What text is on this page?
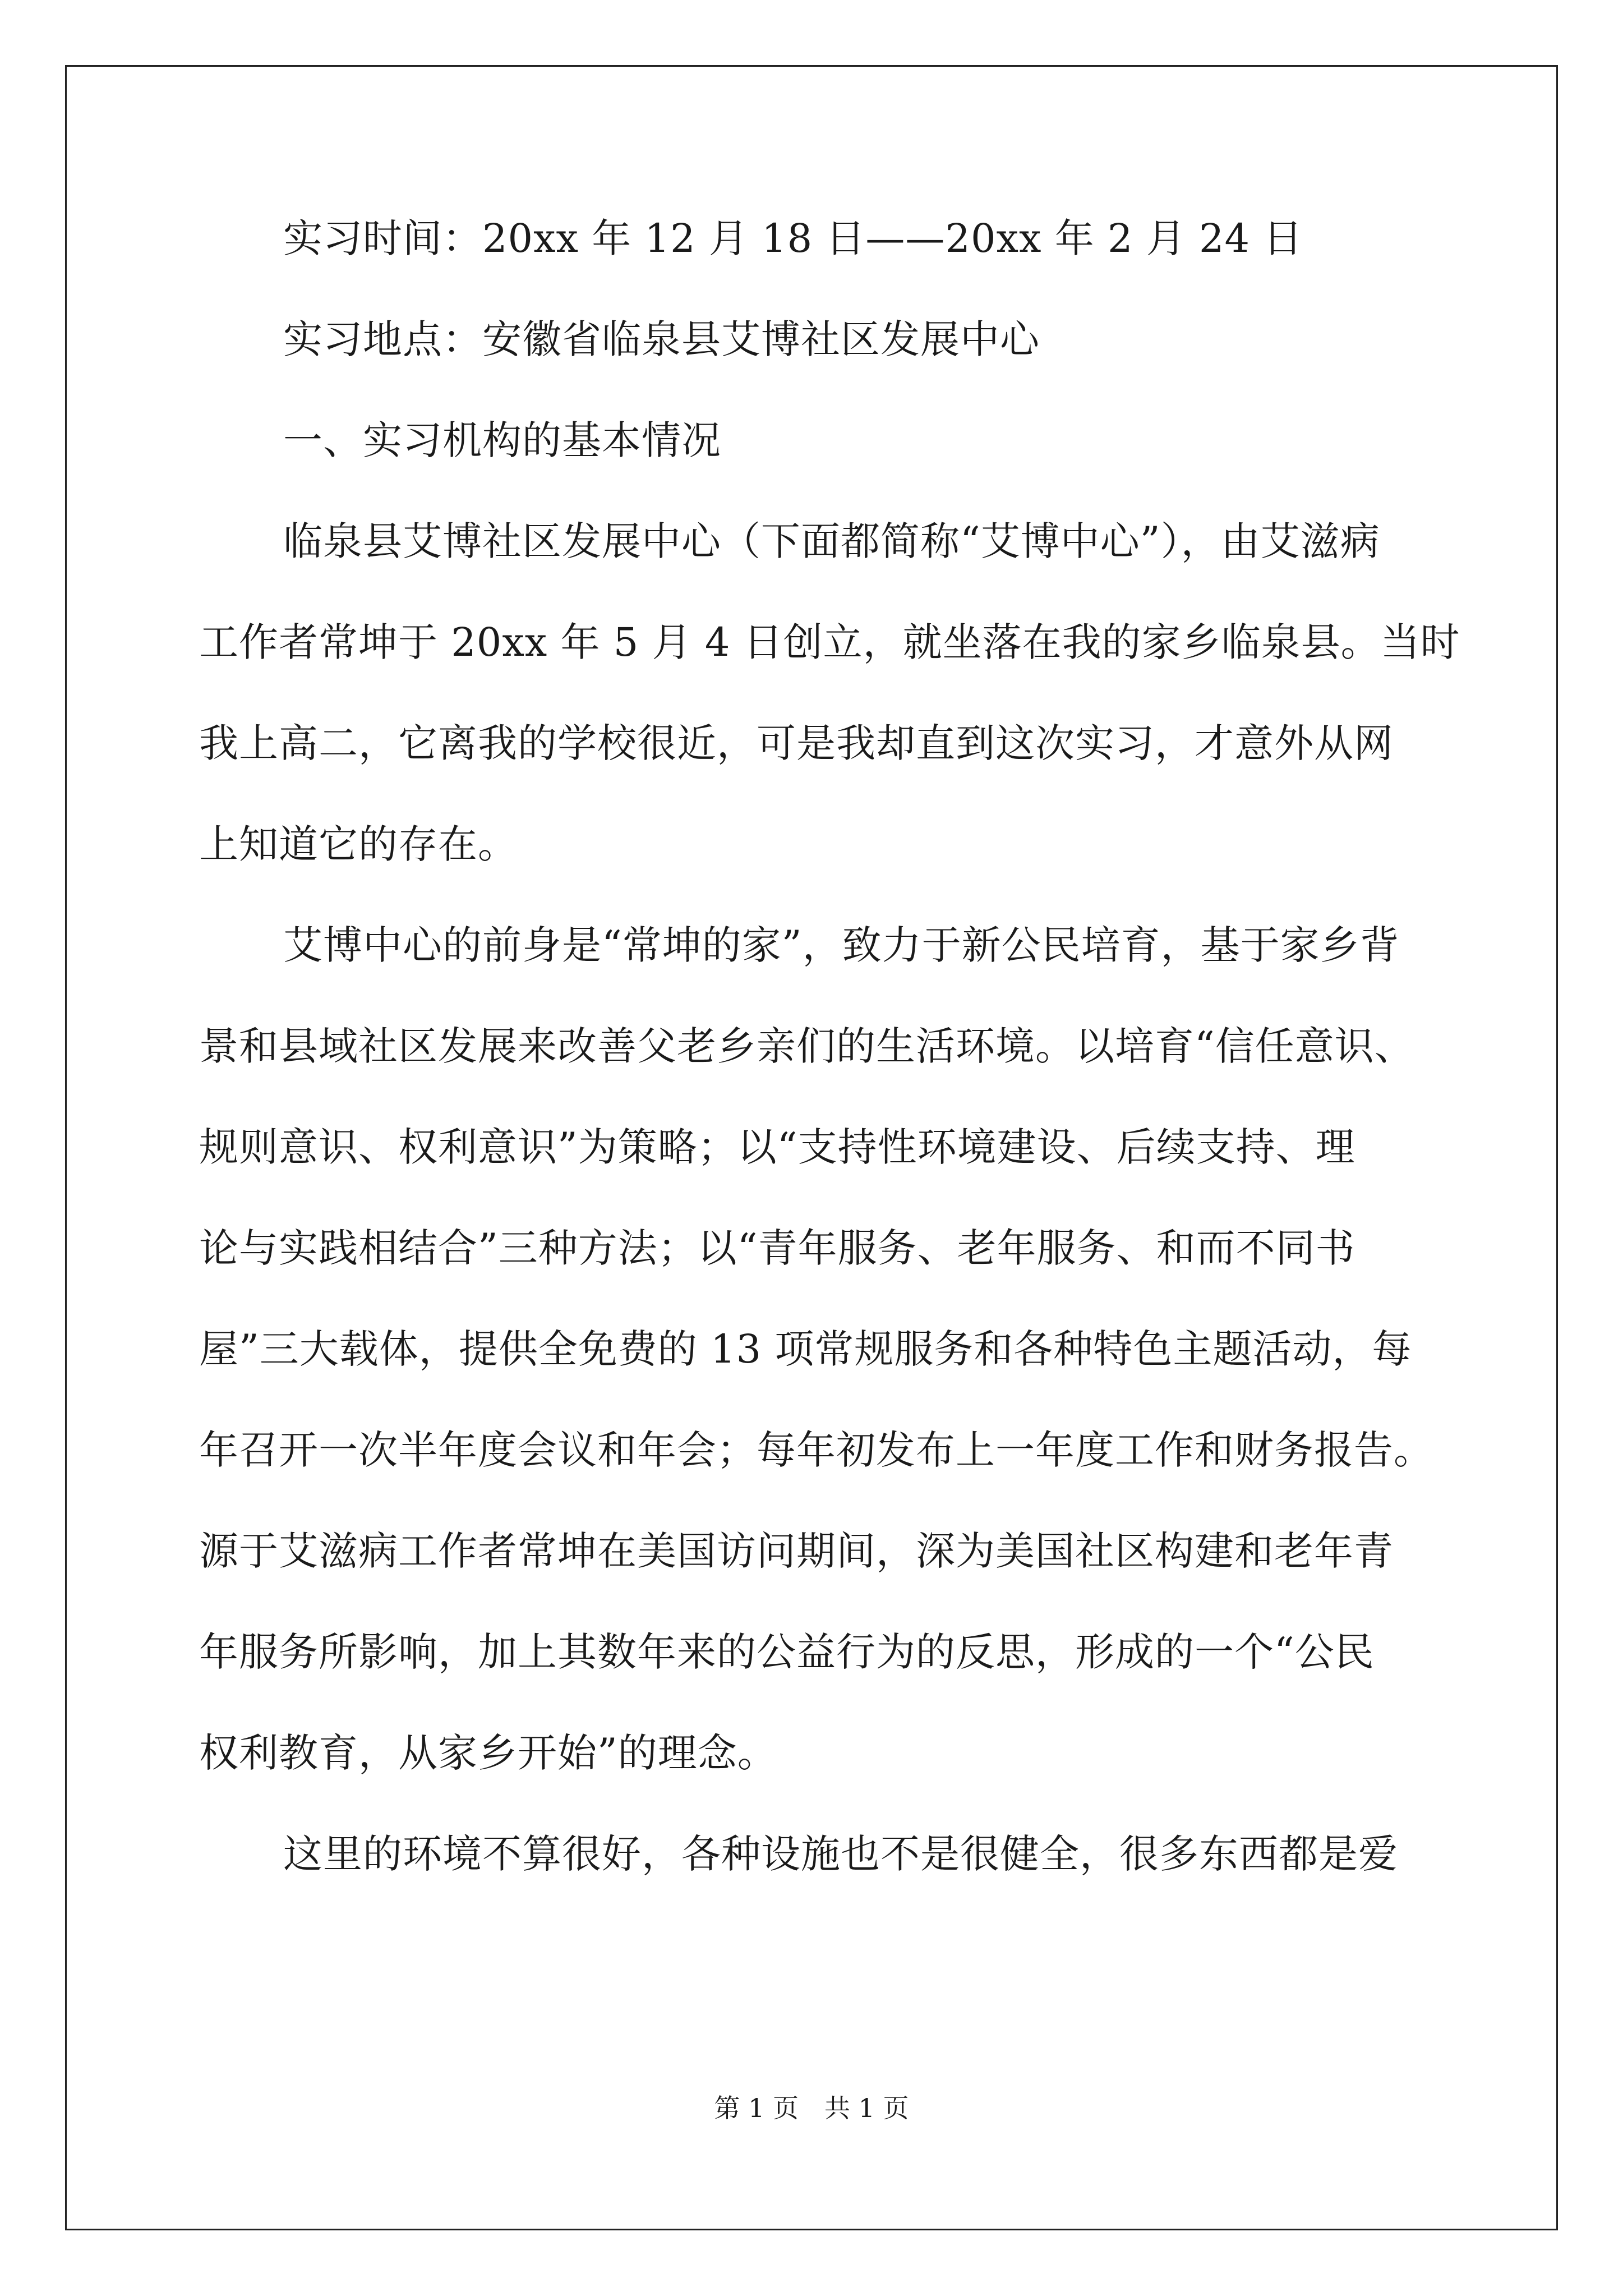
实习时间：20xx 年 12 月 18 日——20xx 年 2 月 24 日
实习地点：安徽省临泉县艾博社区发展中心
一、实习机构的基本情况
临泉县艾博社区发展中心（下面都简称“艾博中心”），由艾滋病
工作者常坤于 20xx 年 5 月 4 日创立，就坐落在我的家乡临泉县。当时
我上高二，它离我的学校很近，可是我却直到这次实习，才意外从网
上知道它的存在。
艾博中心的前身是“常坤的家”，致力于新公民培育，基于家乡背
景和县域社区发展来改善父老乡亲们的生活环境。以培育“信任意识、
规则意识、权利意识”为策略；以“支持性环境建设、后续支持、理
论与实践相结合”三种方法；以“青年服务、老年服务、和而不同书
屋”三大载体，提供全免费的 13 项常规服务和各种特色主题活动，每
年召开一次半年度会议和年会；每年初发布上一年度工作和财务报告。
源于艾滋病工作者常坤在美国访问期间，深为美国社区构建和老年青
年服务所影响，加上其数年来的公益行为的反思，形成的一个“公民
权利教育，从家乡开始”的理念。
这里的环境不算很好，各种设施也不是很健全，很多东西都是爱
第 1 页　共 1 页
